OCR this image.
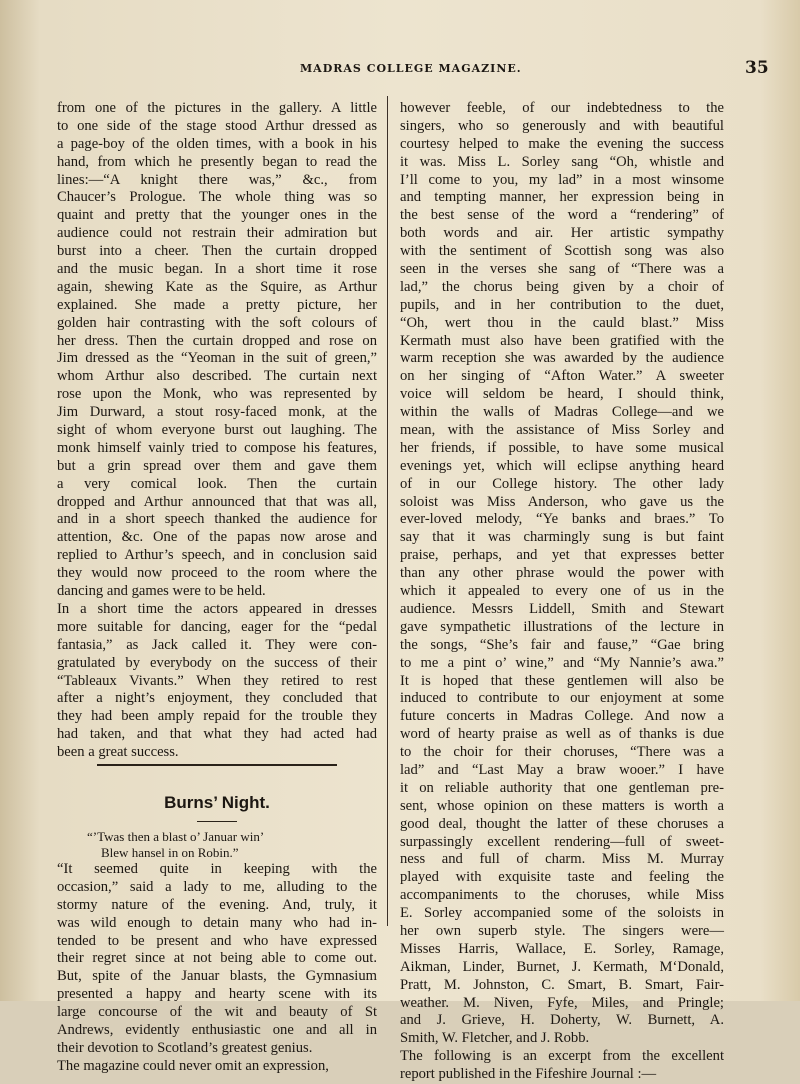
MADRAS COLLEGE MAGAZINE.	35
from one of the pictures in the gallery. A little
to one side of the stage stood Arthur dressed as
a page-boy of the olden times, with a book in his
hand, from which he presently began to read the
lines:—“A knight there was,” &c., from
Chaucer’s Prologue. The whole thing was so
quaint and pretty that the younger ones in the
audience could not restrain their admiration but
burst into a cheer. Then the curtain dropped
and the music began. In a short time it rose
again, shewing Kate as the Squire, as Arthur
explained. She made a pretty picture, her
golden hair contrasting with the soft colours of
her dress. Then the curtain dropped and rose on
Jim dressed as the “Yeoman in the suit of green,”
whom Arthur also described. The curtain next
rose upon the Monk, who was represented by
Jim Durward, a stout rosy-faced monk, at the
sight of whom everyone burst out laughing. The
monk himself vainly tried to compose his features,
but a grin spread over them and gave them
a very comical look. Then the curtain
dropped and Arthur announced that that was all,
and in a short speech thanked the audience for
attention, &c. One of the papas now arose and
replied to Arthur’s speech, and in conclusion said
they would now proceed to the room where the
dancing and games were to be held.
In a short time the actors appeared in dresses
more suitable for dancing, eager for the “pedal
fantasia,” as Jack called it. They were con-
gratulated by everybody on the success of their
“Tableaux Vivants.” When they retired to rest
after a night’s enjoyment, they concluded that
they had been amply repaid for the trouble they
had taken, and that what they had acted had
been a great success.
Burns’ Night.
“’Twas then a blast o’ Januar win’
Blew hansel in on Robin.”
“It seemed quite in keeping with the
occasion,” said a lady to me, alluding to the
stormy nature of the evening. And, truly, it
was wild enough to detain many who had in-
tended to be present and who have expressed
their regret since at not being able to come out.
But, spite of the Januar blasts, the Gymnasium
presented a happy and hearty scene with its
large concourse of the wit and beauty of St
Andrews, evidently enthusiastic one and all in
their devotion to Scotland’s greatest genius.
The magazine could never omit an expression,
however feeble, of our indebtedness to the
singers, who so generously and with beautiful
courtesy helped to make the evening the success
it was. Miss L. Sorley sang “Oh, whistle and
I’ll come to you, my lad” in a most winsome
and tempting manner, her expression being in
the best sense of the word a “rendering” of
both words and air. Her artistic sympathy
with the sentiment of Scottish song was also
seen in the verses she sang of “There was a
lad,” the chorus being given by a choir of
pupils, and in her contribution to the duet,
“Oh, wert thou in the cauld blast.” Miss
Kermath must also have been gratified with the
warm reception she was awarded by the audience
on her singing of “Afton Water.” A sweeter
voice will seldom be heard, I should think,
within the walls of Madras College—and we
mean, with the assistance of Miss Sorley and
her friends, if possible, to have some musical
evenings yet, which will eclipse anything heard
of in our College history. The other lady
soloist was Miss Anderson, who gave us the
ever-loved melody, “Ye banks and braes.” To
say that it was charmingly sung is but faint
praise, perhaps, and yet that expresses better
than any other phrase would the power with
which it appealed to every one of us in the
audience. Messrs Liddell, Smith and Stewart
gave sympathetic illustrations of the lecture in
the songs, “She’s fair and fause,” “Gae bring
to me a pint o’ wine,” and “My Nannie’s awa.”
It is hoped that these gentlemen will also be
induced to contribute to our enjoyment at some
future concerts in Madras College. And now a
word of hearty praise as well as of thanks is due
to the choir for their choruses, “There was a
lad” and “Last May a braw wooer.” I have
it on reliable authority that one gentleman pre-
sent, whose opinion on these matters is worth a
good deal, thought the latter of these choruses a
surpassingly excellent rendering—full of sweet-
ness and full of charm. Miss M. Murray
played with exquisite taste and feeling the
accompaniments to the choruses, while Miss
E. Sorley accompanied some of the soloists in
her own superb style. The singers were—
Misses Harris, Wallace, E. Sorley, Ramage,
Aikman, Linder, Burnet, J. Kermath, M‘Donald,
Pratt, M. Johnston, C. Smart, B. Smart, Fair-
weather. M. Niven, Fyfe, Miles, and Pringle;
and J. Grieve, H. Doherty, W. Burnett, A.
Smith, W. Fletcher, and J. Robb.
The following is an excerpt from the excellent
report published in the Fifeshire Journal :—
